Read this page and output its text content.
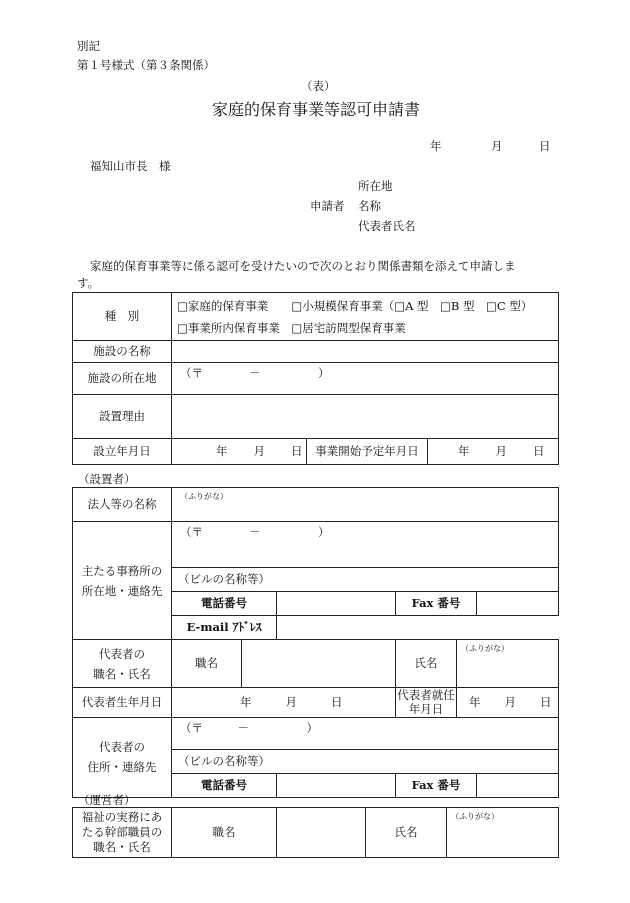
別記
第１号様式（第３条関係）
（表）
家庭的保育事業等認可申請書
年	月	日
福知山市長　様
所在地
申請者 名称
代表者氏名
家庭的保育事業等に係る認可を受けたいので次のとおり関係書類を添えて申請しま
す。
種　別	□家庭的保育事業　　□小規模保育事業（□A 型　□B 型　□C 型）
□事業所内保育事業　□居宅訪問型保育事業		

施設の名称			
施設の所在地	（〒　　　　－　　　　　）		
設置理由			
設立年月日	年 月 日	事業開始予定年月日	年 月 日
（設置者）
法人等の名称	（ふりがな）					

主たる事務所の
所在地・連絡先	（〒　　　　－　　　　　）					
	（ビルの名称等）					
	電話番号			Fax 番号		
	E-mail ｱﾄﾞﾚｽ					

代表者の
職名・氏名	職名			氏名	（ふりがな）	
代表者生年月日	年 月 日			代表者就任年月日	年 月 日	

代表者の
住所・連絡先	（〒　　　－　　　　　）					
	（ビルの名称等）					
	電話番号			Fax 番号		
（運営者）
福祉の実務にあ
たる幹部職員の
職名・氏名
	職名		氏名	（ふりがな）
